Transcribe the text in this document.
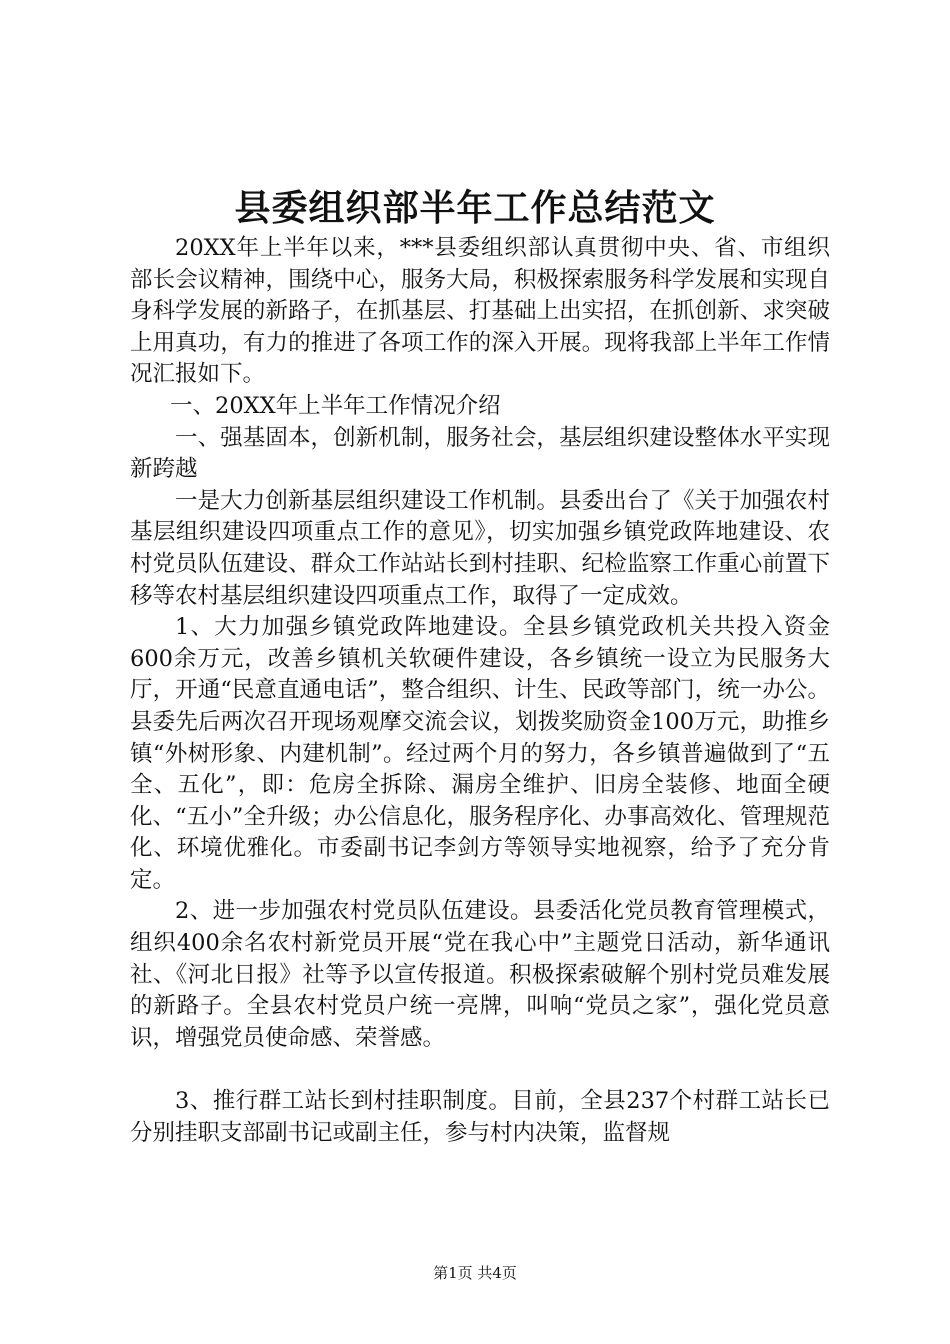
县委组织部半年工作总结范文

20XX年上半年以来，***县委组织部认真贯彻中央、省、市组织部长会议精神，围绕中心，服务大局，积极探索服务科学发展和实现自身科学发展的新路子，在抓基层、打基础上出实招，在抓创新、求突破上用真功，有力的推进了各项工作的深入开展。现将我部上半年工作情况汇报如下。

一、20XX年上半年工作情况介绍

一、强基固本，创新机制，服务社会，基层组织建设整体水平实现新跨越

一是大力创新基层组织建设工作机制。县委出台了《关于加强农村基层组织建设四项重点工作的意见》，切实加强乡镇党政阵地建设、农村党员队伍建设、群众工作站站长到村挂职、纪检监察工作重心前置下移等农村基层组织建设四项重点工作，取得了一定成效。

1、大力加强乡镇党政阵地建设。全县乡镇党政机关共投入资金600余万元，改善乡镇机关软硬件建设，各乡镇统一设立为民服务大厅，开通“民意直通电话”，整合组织、计生、民政等部门，统一办公。县委先后两次召开现场观摩交流会议，划拨奖励资金100万元，助推乡镇“外树形象、内建机制”。经过两个月的努力，各乡镇普遍做到了“五全、五化”，即：危房全拆除、漏房全维护、旧房全装修、地面全硬化、“五小”全升级；办公信息化，服务程序化、办事高效化、管理规范化、环境优雅化。市委副书记李剑方等领导实地视察，给予了充分肯定。

2、进一步加强农村党员队伍建设。县委活化党员教育管理模式，组织400余名农村新党员开展“党在我心中”主题党日活动，新华通讯社、《河北日报》社等予以宣传报道。积极探索破解个别村党员难发展的新路子。全县农村党员户统一亮牌，叫响“党员之家”，强化党员意识，增强党员使命感、荣誉感。

3、推行群工站长到村挂职制度。目前，全县237个村群工站长已分别挂职支部副书记或副主任，参与村内决策，监督规

第1页 共4页
